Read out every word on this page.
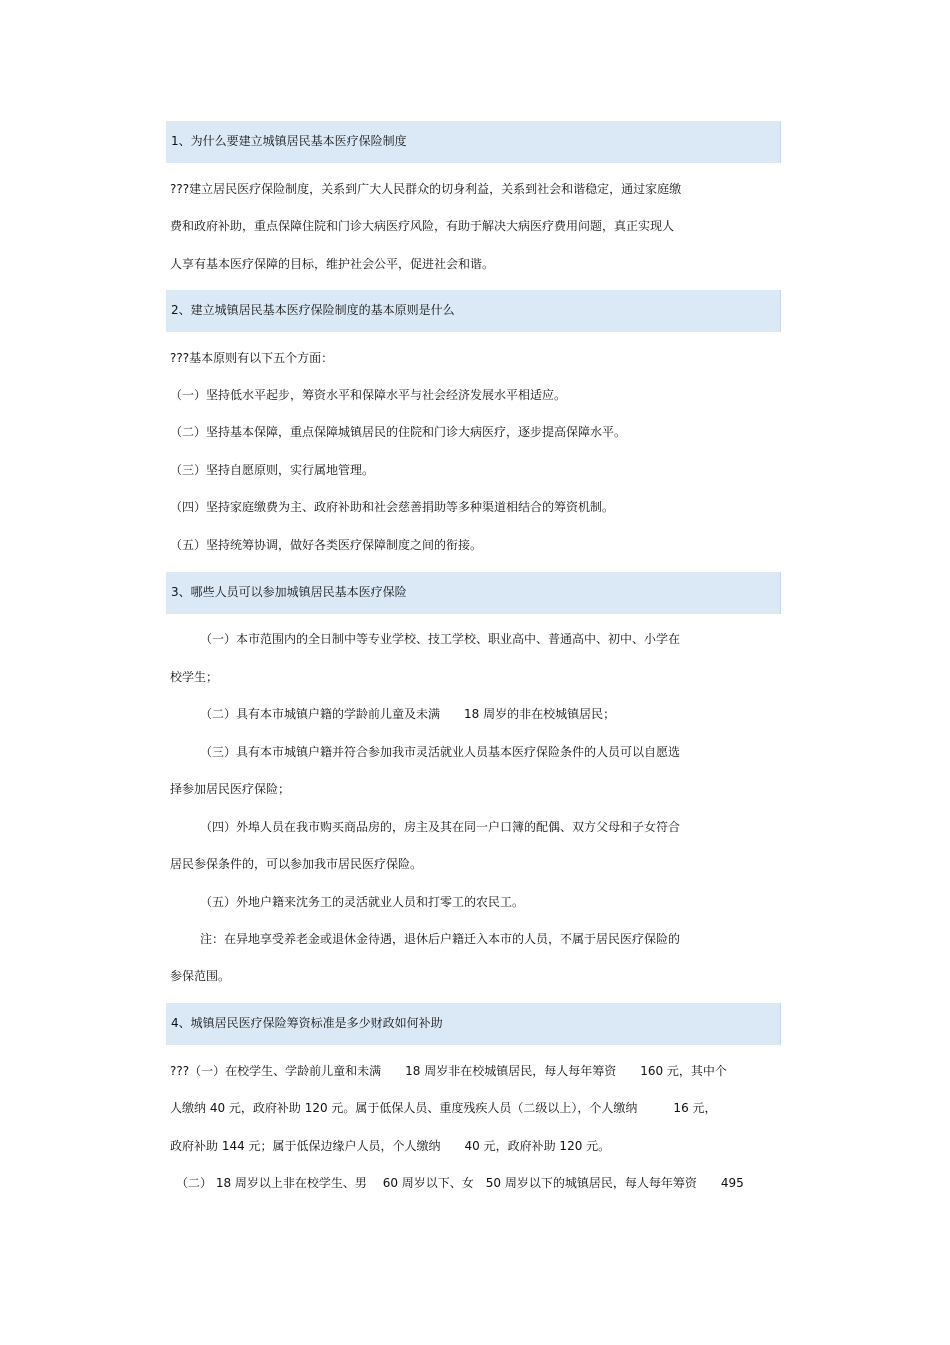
1、为什么要建立城镇居民基本医疗保险制度
???建立居民医疗保险制度，关系到广大人民群众的切身利益，关系到社会和谐稳定，通过家庭缴
费和政府补助，重点保障住院和门诊大病医疗风险，有助于解决大病医疗费用问题，真正实现人
人享有基本医疗保障的目标，维护社会公平，促进社会和谐。
2、建立城镇居民基本医疗保险制度的基本原则是什么
???基本原则有以下五个方面：
（一）坚持低水平起步，筹资水平和保障水平与社会经济发展水平相适应。
（二）坚持基本保障，重点保障城镇居民的住院和门诊大病医疗，逐步提高保障水平。
（三）坚持自愿原则，实行属地管理。
（四）坚持家庭缴费为主、政府补助和社会慈善捐助等多种渠道相结合的筹资机制。
（五）坚持统筹协调，做好各类医疗保障制度之间的衔接。
3、哪些人员可以参加城镇居民基本医疗保险
（一）本市范围内的全日制中等专业学校、技工学校、职业高中、普通高中、初中、小学在
校学生；
（二）具有本市城镇户籍的学龄前儿童及未满　　18 周岁的非在校城镇居民；
（三）具有本市城镇户籍并符合参加我市灵活就业人员基本医疗保险条件的人员可以自愿选
择参加居民医疗保险；
（四）外埠人员在我市购买商品房的，房主及其在同一户口簿的配偶、双方父母和子女符合
居民参保条件的，可以参加我市居民医疗保险。
（五）外地户籍来沈务工的灵活就业人员和打零工的农民工。
注：在异地享受养老金或退休金待遇，退休后户籍迁入本市的人员，不属于居民医疗保险的
参保范围。
4、城镇居民医疗保险筹资标准是多少财政如何补助
???（一）在校学生、学龄前儿童和未满　　18 周岁非在校城镇居民，每人每年筹资　　160 元，其中个
人缴纳 40 元，政府补助 120 元。属于低保人员、重度残疾人员（二级以上），个人缴纳　　　16 元，
政府补助 144 元；属于低保边缘户人员，个人缴纳　　40 元，政府补助 120 元。
（二） 18 周岁以上非在校学生、男　 60 周岁以下、女　50 周岁以下的城镇居民，每人每年筹资　　495
